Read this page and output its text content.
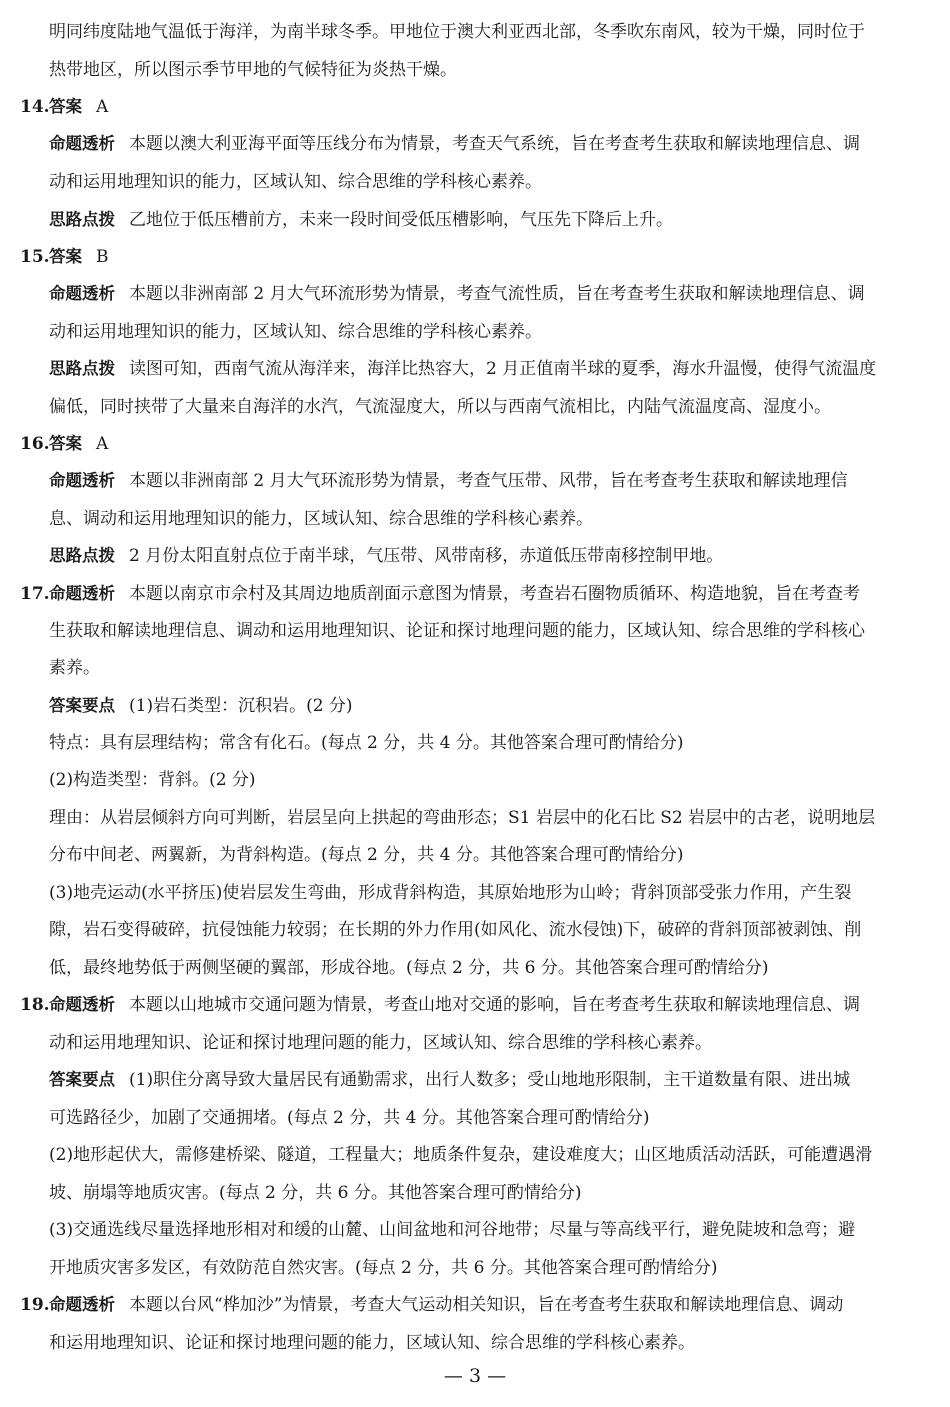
明同纬度陆地气温低于海洋，为南半球冬季。甲地位于澳大利亚西北部，冬季吹东南风，较为干燥，同时位于
热带地区，所以图示季节甲地的气候特征为炎热干燥。
14. 答案 A
命题透析 本题以澳大利亚海平面等压线分布为情景，考查天气系统，旨在考查考生获取和解读地理信息、调
动和运用地理知识的能力，区域认知、综合思维的学科核心素养。
思路点拨 乙地位于低压槽前方，未来一段时间受低压槽影响，气压先下降后上升。
15. 答案 B
命题透析 本题以非洲南部 2 月大气环流形势为情景，考查气流性质，旨在考查考生获取和解读地理信息、调
动和运用地理知识的能力，区域认知、综合思维的学科核心素养。
思路点拨 读图可知，西南气流从海洋来，海洋比热容大，2 月正值南半球的夏季，海水升温慢，使得气流温度
偏低，同时挟带了大量来自海洋的水汽，气流湿度大，所以与西南气流相比，内陆气流温度高、湿度小。
16. 答案 A
命题透析 本题以非洲南部 2 月大气环流形势为情景，考查气压带、风带，旨在考查考生获取和解读地理信
息、调动和运用地理知识的能力，区域认知、综合思维的学科核心素养。
思路点拨 2 月份太阳直射点位于南半球，气压带、风带南移，赤道低压带南移控制甲地。
17. 命题透析 本题以南京市佘村及其周边地质剖面示意图为情景，考查岩石圈物质循环、构造地貌，旨在考查考
生获取和解读地理信息、调动和运用地理知识、论证和探讨地理问题的能力，区域认知、综合思维的学科核心
素养。
答案要点 (1)岩石类型：沉积岩。(2 分)
特点：具有层理结构；常含有化石。(每点 2 分，共 4 分。其他答案合理可酌情给分)
(2)构造类型：背斜。(2 分)
理由：从岩层倾斜方向可判断，岩层呈向上拱起的弯曲形态；S1 岩层中的化石比 S2 岩层中的古老，说明地层
分布中间老、两翼新，为背斜构造。(每点 2 分，共 4 分。其他答案合理可酌情给分)
(3)地壳运动(水平挤压)使岩层发生弯曲，形成背斜构造，其原始地形为山岭；背斜顶部受张力作用，产生裂
隙，岩石变得破碎，抗侵蚀能力较弱；在长期的外力作用(如风化、流水侵蚀)下，破碎的背斜顶部被剥蚀、削
低，最终地势低于两侧坚硬的翼部，形成谷地。(每点 2 分，共 6 分。其他答案合理可酌情给分)
18. 命题透析 本题以山地城市交通问题为情景，考查山地对交通的影响，旨在考查考生获取和解读地理信息、调
动和运用地理知识、论证和探讨地理问题的能力，区域认知、综合思维的学科核心素养。
答案要点 (1)职住分离导致大量居民有通勤需求，出行人数多；受山地地形限制，主干道数量有限、进出城
可选路径少，加剧了交通拥堵。(每点 2 分，共 4 分。其他答案合理可酌情给分)
(2)地形起伏大，需修建桥梁、隧道，工程量大；地质条件复杂，建设难度大；山区地质活动活跃，可能遭遇滑
坡、崩塌等地质灾害。(每点 2 分，共 6 分。其他答案合理可酌情给分)
(3)交通选线尽量选择地形相对和缓的山麓、山间盆地和河谷地带；尽量与等高线平行，避免陡坡和急弯；避
开地质灾害多发区，有效防范自然灾害。(每点 2 分，共 6 分。其他答案合理可酌情给分)
19. 命题透析 本题以台风“桦加沙”为情景，考查大气运动相关知识，旨在考查考生获取和解读地理信息、调动
和运用地理知识、论证和探讨地理问题的能力，区域认知、综合思维的学科核心素养。
— 3 —
